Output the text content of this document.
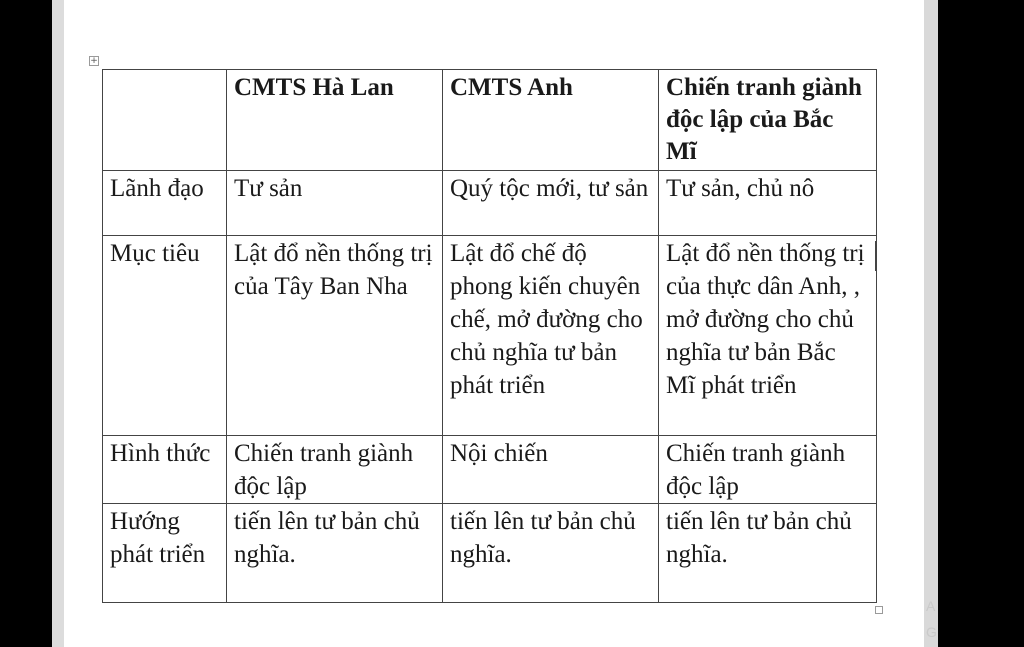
+
	CMTS Hà Lan	CMTS Anh	Chiến tranh giành độc lập của Bắc Mĩ
Lãnh đạo	Tư sản	Quý tộc mới, tư sản	Tư sản, chủ nô
Mục tiêu	Lật đổ nền thống trị của Tây Ban Nha	Lật đổ chế độ phong kiến chuyên chế, mở đường cho chủ nghĩa tư bản phát triển	Lật đổ nền thống trị của thực dân Anh, , mở đường cho chủ nghĩa tư bản Bắc Mĩ phát triển
Hình thức	Chiến tranh giành độc lập	Nội chiến	Chiến tranh giành độc lập
Hướng phát triển	tiến lên tư bản chủ nghĩa.	tiến lên tư bản chủ nghĩa.	tiến lên tư bản chủ nghĩa.
A
G
